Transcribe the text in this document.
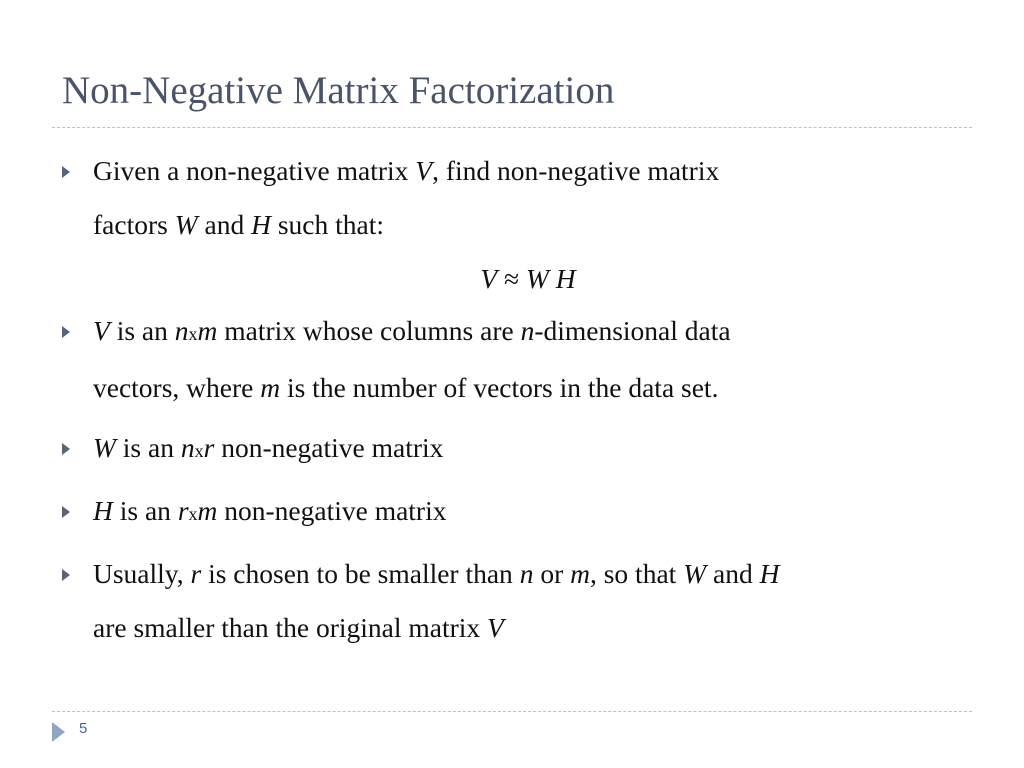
Non-Negative Matrix Factorization
Given a non-negative matrix V, find non-negative matrix
factors W and H such that:
V ≈ W H
V is an nxm matrix whose columns are n-dimensional data
vectors, where m is the number of vectors in the data set.
W is an nxr non-negative matrix
H is an rxm non-negative matrix
Usually, r is chosen to be smaller than n or m, so that W and H
are smaller than the original matrix V
5
